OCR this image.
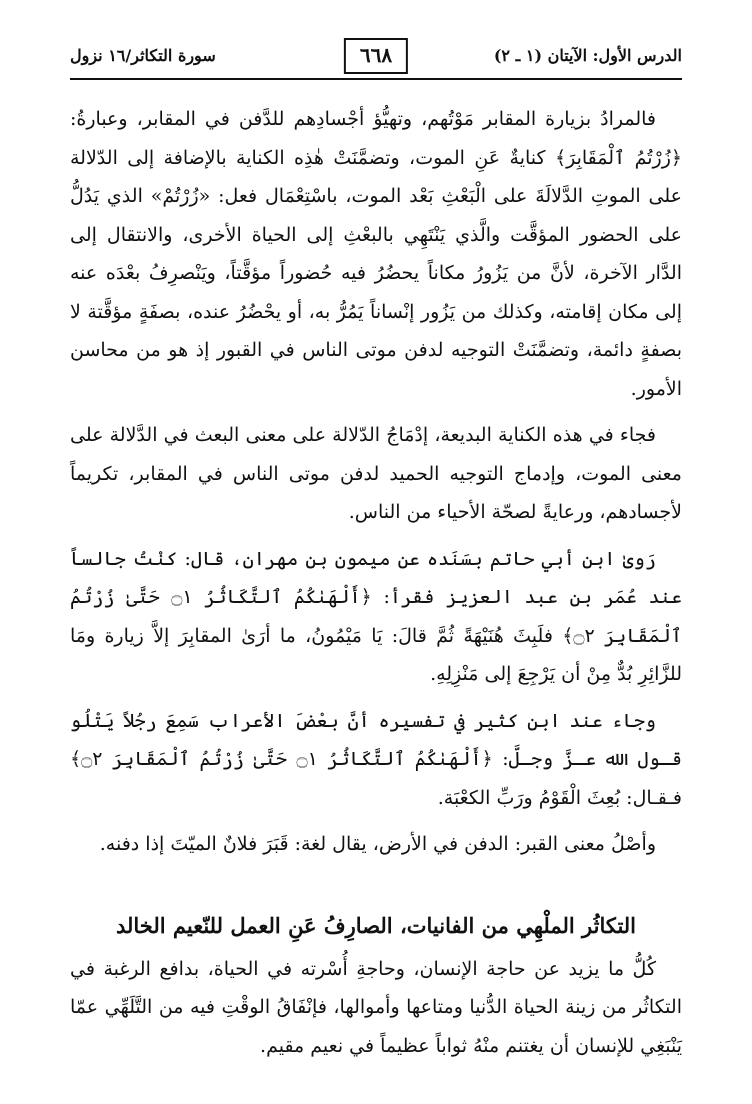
الدرس الأول: الآيتان (١ ـ ٢)
٦٦٨
سورة التكاثر/١٦ نزول

فالمرادُ بزيارة المقابر مَوْتُهم، وتهيُّؤ أجْسادِهم للدَّفن في المقابر، وعبارةُ: ﴿زُرْتُمُ ٱلْمَقَابِرَ﴾ كنايةٌ عَنِ الموت، وتضمَّنَتْ هٰذِه الكناية بالإضافة إلى الدّلالة على الموتِ الدَّلالَةَ على الْبَعْثِ بَعْد الموت، باسْتِعْمَال فعل: «زُرْتُمْ» الذي يَدُلُّ على الحضور المؤقَّت والَّذي يَنْتَهِي بالبعْثِ إلى الحياة الأخرى، والانتقال إلى الدَّار الآخرة، لأنَّ من يَزُورُ مكاناً يحضُرُ فيه حُضوراً مؤقَّتاً، ويَنْصرِفُ بعْدَه عنه إلى مكان إقامته، وكذلك من يَزُور إنْساناً يَمُرُّ به، أو يحْضُرُ عنده، بصفَةٍ مؤقَّتة لا بصفةٍ دائمة، وتضمَّنَتْ التوجيه لدفن موتى الناس في القبور إذ هو من محاسن الأمور.

فجاء في هذه الكناية البديعة، إدْمَاجُ الدّلالة على معنى البعث في الدَّلالة على معنى الموت، وإدماج التوجيه الحميد لدفن موتى الناس في المقابر، تكريماً لأجسادهم، ورعايةً لصحّة الأحياء من الناس.

رَوىٰ ابن أبي حاتم بسَنَده عن ميمون بن مهران، قال: كنْتُ جالساً عند عُمَر بن عبد العزيز فقرأ: ﴿أَلْهَىٰكُمُ ٱلتَّكَاثُرُ ۝١ حَتَّىٰ زُرْتُمُ ٱلْمَقَابِرَ ۝٢﴾ فلَبِثَ هُنَيْهَةً ثُمَّ قالَ: يَا مَيْمُونُ، ما أرَىٰ المقابِرَ إلاَّ زيارة ومَا للزَّائِرِ بُدٌّ مِنْ أن يَرْجِعَ إلى مَنْزِلِهِ.

وجاء عند ابن كثير في تفسيره أنَّ بعْضَ الأعراب سَمِعَ رجُلاً يَتْلُو قـول الله عـزَّ وجـلَّ: ﴿أَلْهَىٰكُمُ ٱلتَّكَاثُرُ ۝١ حَتَّىٰ زُرْتُمُ ٱلْمَقَابِرَ ۝٢﴾ فـقـال: بُعِثَ الْقَوْمُ ورَبِّ الكعْبَة.

وأصْلُ معنى القبر: الدفن في الأرض، يقال لغة: قَبَرَ فلانٌ الميّتَ إذا دفنه.

التكاثُر الملْهِي من الفانيات، الصارِفُ عَنِ العمل للنّعيم الخالد

كُلُّ ما يزيد عن حاجة الإنسان، وحاجةِ أُسْرته في الحياة، بدافع الرغبة في التكاثُر من زينة الحياة الدُّنيا ومتاعها وأموالها، فإنْفَاقُ الوقْتِ فيه من التَّلَهِّي عمّا يَنْبَغِي للإنسان أن يغتنم منْهُ ثواباً عظيماً في نعيم مقيم.
